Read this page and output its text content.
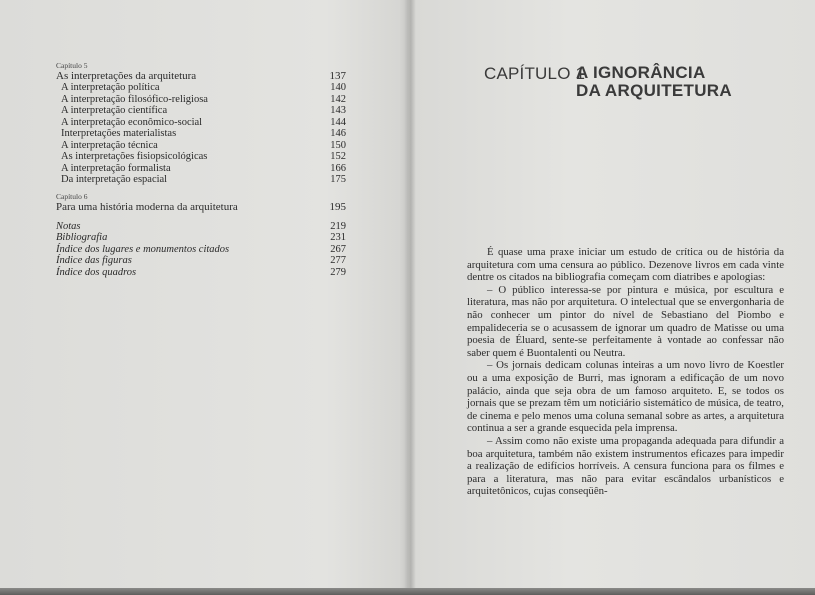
Capítulo 5
As interpretações da arquitetura	137
A interpretação política	140
A interpretação filosófico-religiosa	142
A interpretação científica	143
A interpretação econômico-social	144
Interpretações materialistas	146
A interpretação técnica	150
As interpretações fisiopsicológicas	152
A interpretação formalista	166
Da interpretação espacial	175
Capítulo 6
Para uma história moderna da arquitetura	195
Notas	219
Bibliografia	231
Índice dos lugares e monumentos citados	267
Índice das figuras	277
Índice dos quadros	279
CAPÍTULO 1
A IGNORÂNCIA
DA ARQUITETURA

É quase uma praxe iniciar um estudo de crítica ou de história da arquitetura com uma censura ao público. Dezenove livros em cada vinte dentre os citados na bibliografia começam com diatribes e apologias:

– O público interessa-se por pintura e música, por escultura e literatura, mas não por arquitetura. O intelectual que se envergonharia de não conhecer um pintor do nível de Sebastiano del Piombo e empalideceria se o acusassem de ignorar um quadro de Matisse ou uma poesia de Éluard, sente-se perfeitamente à vontade ao confessar não saber quem é Buontalenti ou Neutra.

– Os jornais dedicam colunas inteiras a um novo livro de Koestler ou a uma exposição de Burri, mas ignoram a edificação de um novo palácio, ainda que seja obra de um famoso arquiteto. E, se todos os jornais que se prezam têm um noticiário sistemático de música, de teatro, de cinema e pelo menos uma coluna semanal sobre as artes, a arquitetura continua a ser a grande esquecida pela imprensa.

– Assim como não existe uma propaganda adequada para difundir a boa arquitetura, também não existem instrumentos eficazes para impedir a realização de edifícios horríveis. A censura funciona para os filmes e para a literatura, mas não para evitar escândalos urbanísticos e arquitetônicos, cujas conseqüên-
